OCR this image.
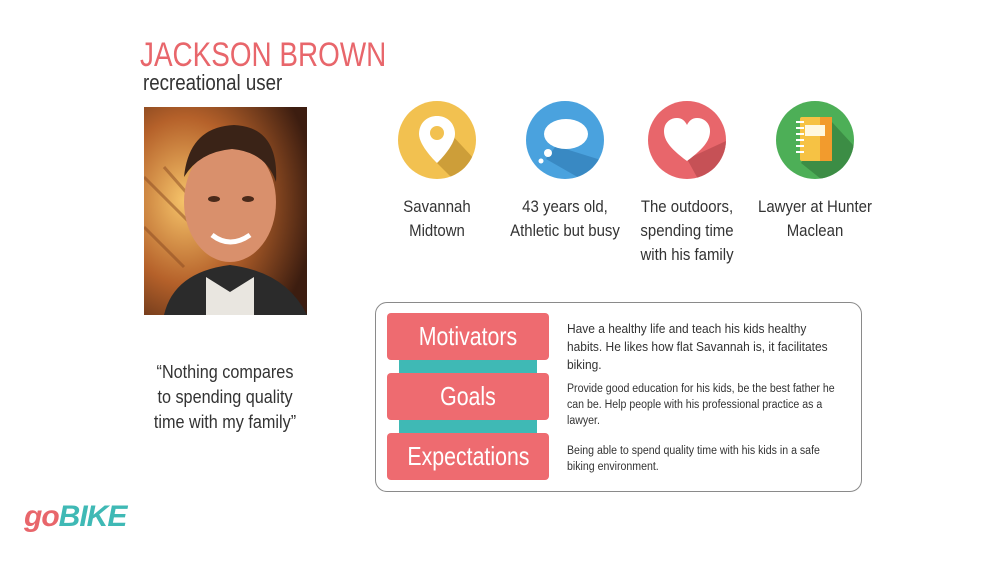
JACKSON BROWN
recreational user
“Nothing compares to spending quality time with my family”
goBIKE
Savannah Midtown
43 years old, Athletic but busy
The outdoors, spending time with his family
Lawyer at Hunter Maclean
Motivators	Have a healthy life and teach his kids healthy habits. He likes how flat Savannah is, it facilitates biking.
Goals	Provide good education for his kids, be the best father he can be. Help people with his professional practice as a lawyer.
Expectations	Being able to spend quality time with his kids in a safe biking environment.
